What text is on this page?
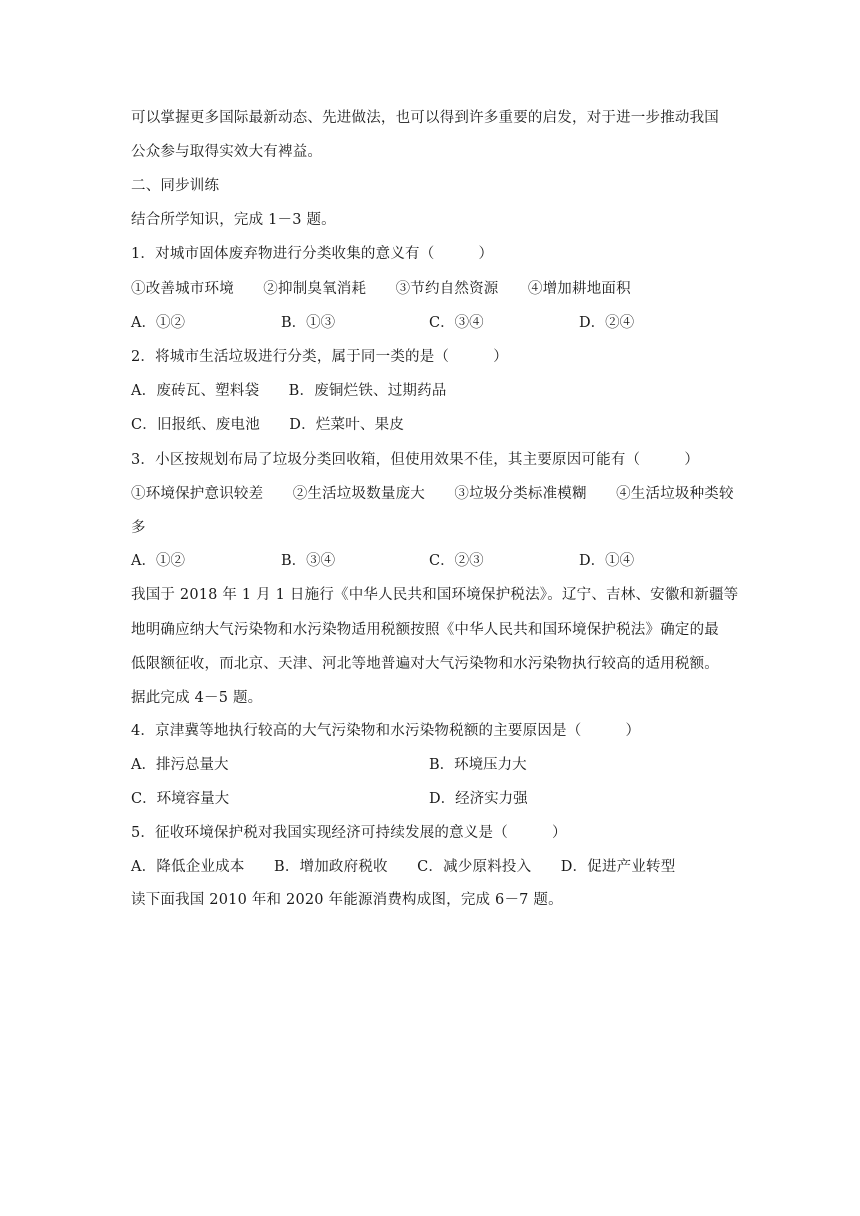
可以掌握更多国际最新动态、先进做法，也可以得到许多重要的启发，对于进一步推动我国
公众参与取得实效大有裨益。
二、同步训练
结合所学知识，完成 1－3 题。
1．对城市固体废弃物进行分类收集的意义有（　　　）
①改善城市环境　　②抑制臭氧消耗　　③节约自然资源　　④增加耕地面积
A．①②	B．①③	C．③④	D．②④
2．将城市生活垃圾进行分类，属于同一类的是（　　　）
A．废砖瓦、塑料袋　　B．废铜烂铁、过期药品
C．旧报纸、废电池　　D．烂菜叶、果皮
3．小区按规划布局了垃圾分类回收箱，但使用效果不佳，其主要原因可能有（　　　）
①环境保护意识较差　　②生活垃圾数量庞大　　③垃圾分类标准模糊　　④生活垃圾种类较
多
A．①②	B．③④	C．②③	D．①④
我国于 2018 年 1 月 1 日施行《中华人民共和国环境保护税法》。辽宁、吉林、安徽和新疆等
地明确应纳大气污染物和水污染物适用税额按照《中华人民共和国环境保护税法》确定的最
低限额征收，而北京、天津、河北等地普遍对大气污染物和水污染物执行较高的适用税额。
据此完成 4－5 题。
4．京津冀等地执行较高的大气污染物和水污染物税额的主要原因是（　　　）
A．排污总量大	B．环境压力大
C．环境容量大	D．经济实力强
5．征收环境保护税对我国实现经济可持续发展的意义是（　　　）
A．降低企业成本　　B．增加政府税收　　C．减少原料投入　　D．促进产业转型
读下面我国 2010 年和 2020 年能源消费构成图，完成 6－7 题。
